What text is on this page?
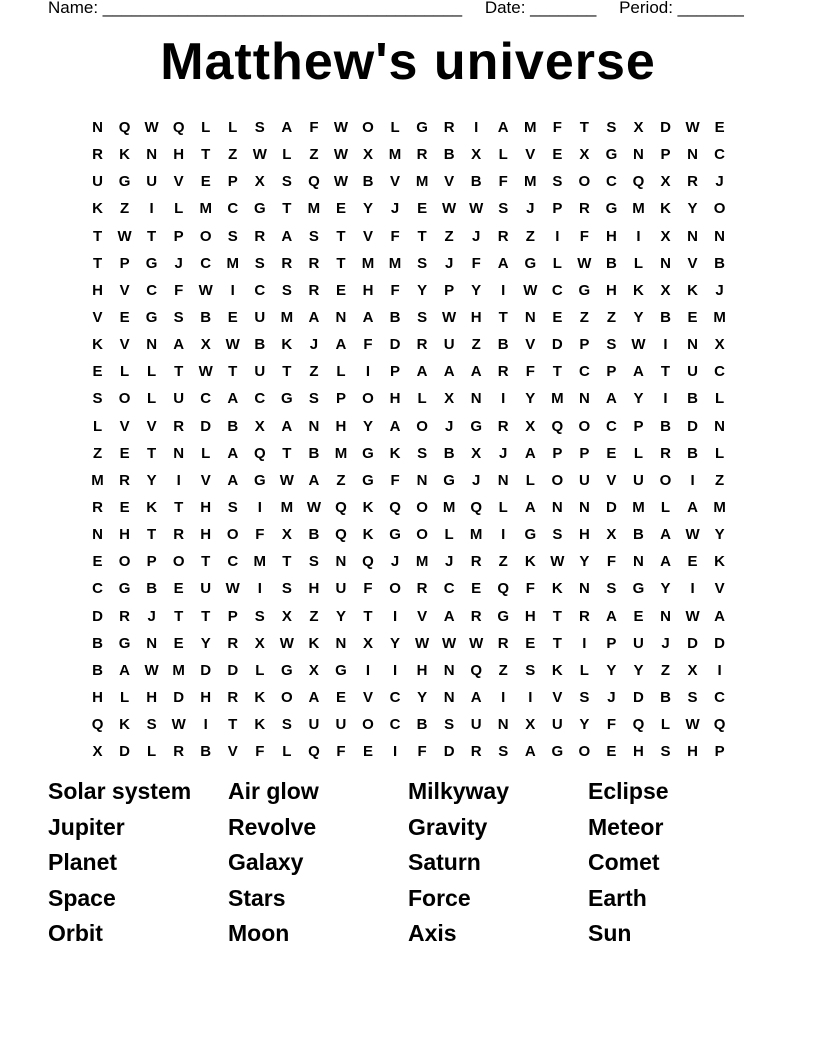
Name: ______________________________________ Date: _______ Period: _______
Matthew's universe
N	Q W Q	L	L	S	A	F	W O	L	G	R	I	A	M	F	T	S	X	D W E
R	K	N	H	T	Z	W	L	Z	W X	M	R	B	X	L	V	E	X	G	N	P	N	C
U	G	U	V	E	P	X	S	Q W B	V	M	V	B	F	M	S	O	C	Q	X	R	J
K	Z	I	L	M	C	G	T	M	E	Y	J	E W W S	J	P	R	G M	K	Y	O
T	W	T	P	O	S	R	A	S	T	V	F	T	Z	J	R	Z	I	F	H	I	X	N	N
T	P	G	J	C	M	S	R	R	T	M M	S	J	F	A	G	L	W B	L	N	V	B
H	V	C	F	W	I	C	S	R	E	H	F	Y	P	Y	I	W C	G	H	K	X	K	J
V	E	G	S	B	E	U	M	A	N	A	B	S W H	T	N	E	Z	Z	Y	B	E	M
K	V	N	A	X W B	K	J	A	F	D	R	U	Z	B	V	D	P	S W	I	N	X
E	L	L	T	W	T	U	T	Z	L	I	P	A	A	A	R	F	T	C	P	A	T	U	C
S	O	L	U	C	A	C	G	S	P	O	H	L	X	N	I	Y	M	N	A	Y	I	B	L
L	V	V	R	D	B	X	A	N	H	Y	A	O	J	G	R	X	Q	O	C	P	B	D	N
Z	E	T	N	L	A	Q	T	B	M G	K	S	B	X	J	A	P	P	E	L	R	B	L
M	R	Y	I	V	A	G W A	Z	G	F	N	G	J	N	L	O	U	V	U	O	I	Z
R	E	K	T	H	S	I	M W Q	K	Q	O M Q	L	A	N	N	D	M	L	A	M
N	H	T	R	H	O	F	X	B	Q	K	G	O	L	M	I	G	S	H	X	B	A W Y
E	O	P	O	T	C	M	T	S	N	Q	J	M	J	R	Z	K W Y	F	N	A	E	K
C	G	B	E	U W	I	S	H	U	F	O	R	C	E	Q	F	K	N	S	G	Y	I	V
D	R	J	T	T	P	S	X	Z	Y	T	I	V	A	R	G	H	T	R	A	E	N W A
B	G	N	E	Y	R	X W K	N	X	Y W W W R	E	T	I	P	U	J	D	D
B	A W M	D	D	L	G	X	G	I	I	H	N	Q	Z	S	K	L	Y	Y	Z	X	I
H	L	H	D	H	R	K	O	A	E	V	C	Y	N	A	I	I	V	S	J	D	B	S	C
Q	K	S W	I	T	K	S	U	U	O	C	B	S	U	N	X	U	Y	F	Q	L	W Q
X	D	L	R	B	V	F	L	Q	F	E	I	F	D	R	S	A	G	O	E	H	S	H	P
Solar system	Air glow	Milkyway	Eclipse
Jupiter	Revolve	Gravity	Meteor
Planet	Galaxy	Saturn	Comet
Space	Stars	Force	Earth
Orbit	Moon	Axis	Sun
